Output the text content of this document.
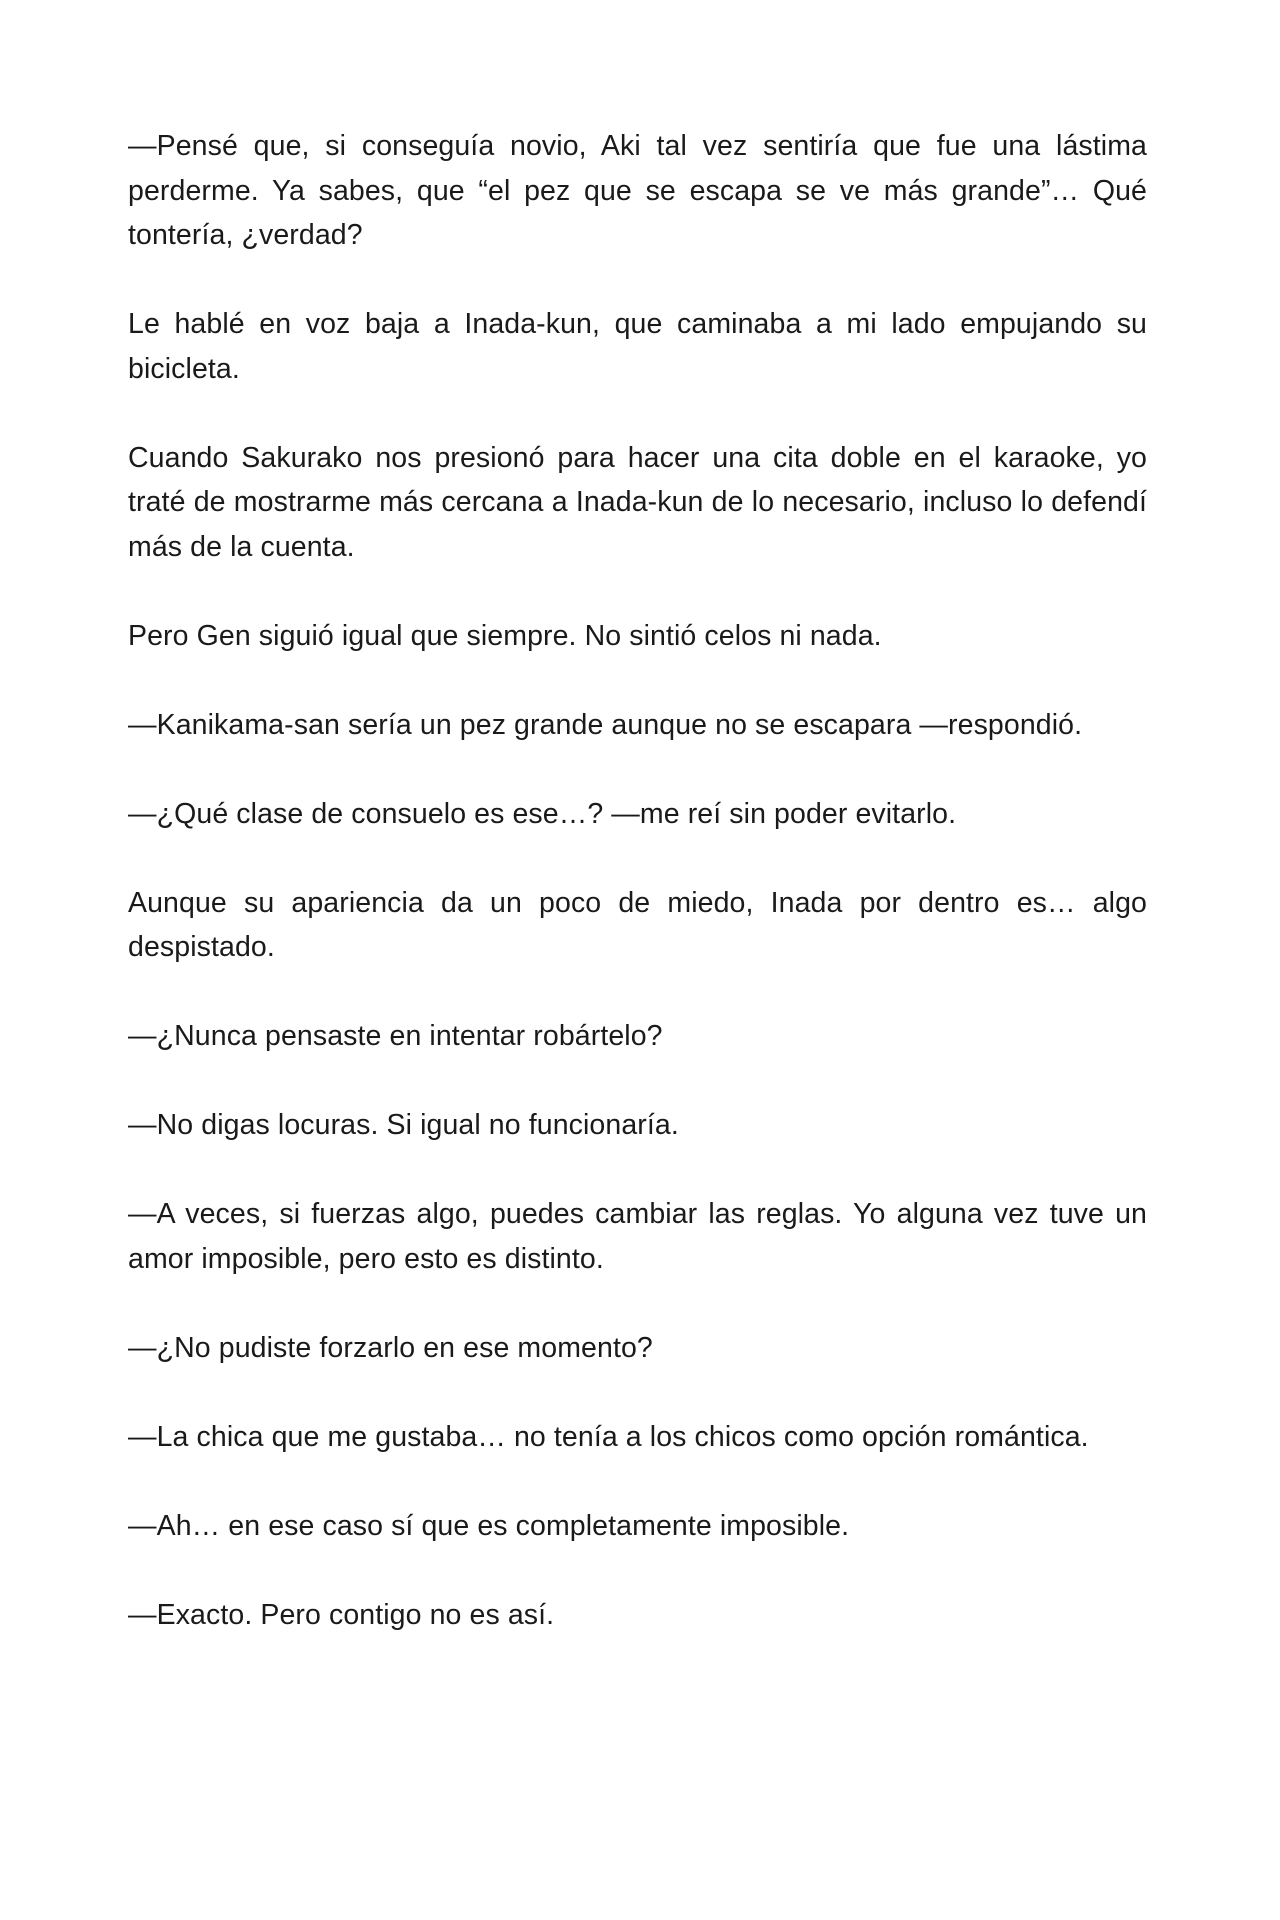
—Pensé que, si conseguía novio, Aki tal vez sentiría que fue una lástima perderme. Ya sabes, que “el pez que se escapa se ve más grande”… Qué tontería, ¿verdad?

Le hablé en voz baja a Inada-kun, que caminaba a mi lado empujando su bicicleta.

Cuando Sakurako nos presionó para hacer una cita doble en el karaoke, yo traté de mostrarme más cercana a Inada-kun de lo necesario, incluso lo defendí más de la cuenta.

Pero Gen siguió igual que siempre. No sintió celos ni nada.

—Kanikama-san sería un pez grande aunque no se escapara —respondió.

—¿Qué clase de consuelo es ese…? —me reí sin poder evitarlo.

Aunque su apariencia da un poco de miedo, Inada por dentro es… algo despistado.

—¿Nunca pensaste en intentar robártelo?

—No digas locuras. Si igual no funcionaría.

—A veces, si fuerzas algo, puedes cambiar las reglas. Yo alguna vez tuve un amor imposible, pero esto es distinto.

—¿No pudiste forzarlo en ese momento?

—La chica que me gustaba… no tenía a los chicos como opción romántica.

—Ah… en ese caso sí que es completamente imposible.

—Exacto. Pero contigo no es así.
